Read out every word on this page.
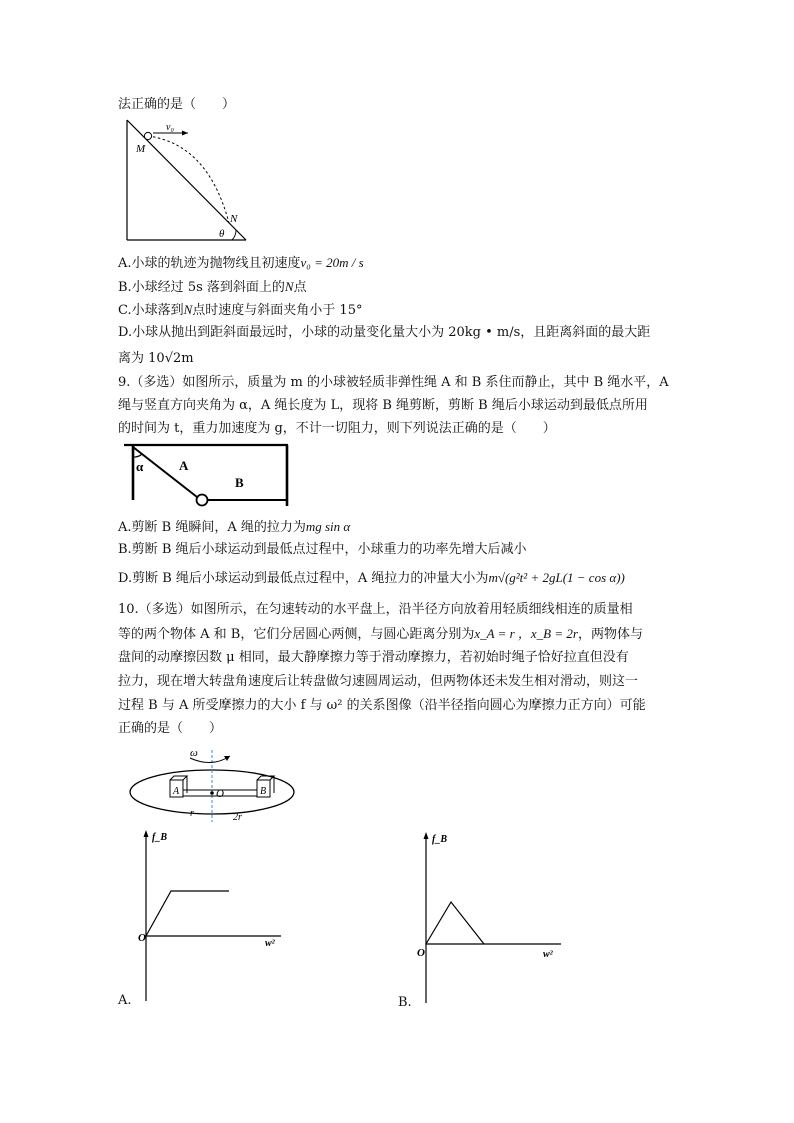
法正确的是（　　）
v₀
M
N
θ
A.小球的轨迹为抛物线且初速度v₀ = 20m / s
B.小球经过 5s 落到斜面上的N点
C.小球落到N点时速度与斜面夹角小于 15°
D.小球从抛出到距斜面最远时，小球的动量变化量大小为 20kg • m/s，且距离斜面的最大距
离为 10√2m
9.（多选）如图所示，质量为 m 的小球被轻质非弹性绳 A 和 B 系住而静止，其中 B 绳水平，A
绳与竖直方向夹角为 α，A 绳长度为 L，现将 B 绳剪断，剪断 B 绳后小球运动到最低点所用
的时间为 t，重力加速度为 g，不计一切阻力，则下列说法正确的是（　　）
α	A
B
A.剪断 B 绳瞬间，A 绳的拉力为mg sin α
B.剪断 B 绳后小球运动到最低点过程中，小球重力的功率先增大后减小
D.剪断 B 绳后小球运动到最低点过程中，A 绳拉力的冲量大小为m√(g²t² + 2gL(1 − cos α))
10.（多选）如图所示，在匀速转动的水平盘上，沿半径方向放着用轻质细线相连的质量相
等的两个物体 A 和 B，它们分居圆心两侧，与圆心距离分别为x_A = r ，x_B = 2r，两物体与
盘间的动摩擦因数 μ 相同，最大静摩擦力等于滑动摩擦力，若初始时绳子恰好拉直但没有
拉力，现在增大转盘角速度后让转盘做匀速圆周运动，但两物体还未发生相对滑动，则这一
过程 B 与 A 所受摩擦力的大小 f 与 ω² 的关系图像（沿半径指向圆心为摩擦力正方向）可能
正确的是（　　）
ω
A	B
O
r	2r
f_B
O	w²
A.
f_B
O	w²
B.
